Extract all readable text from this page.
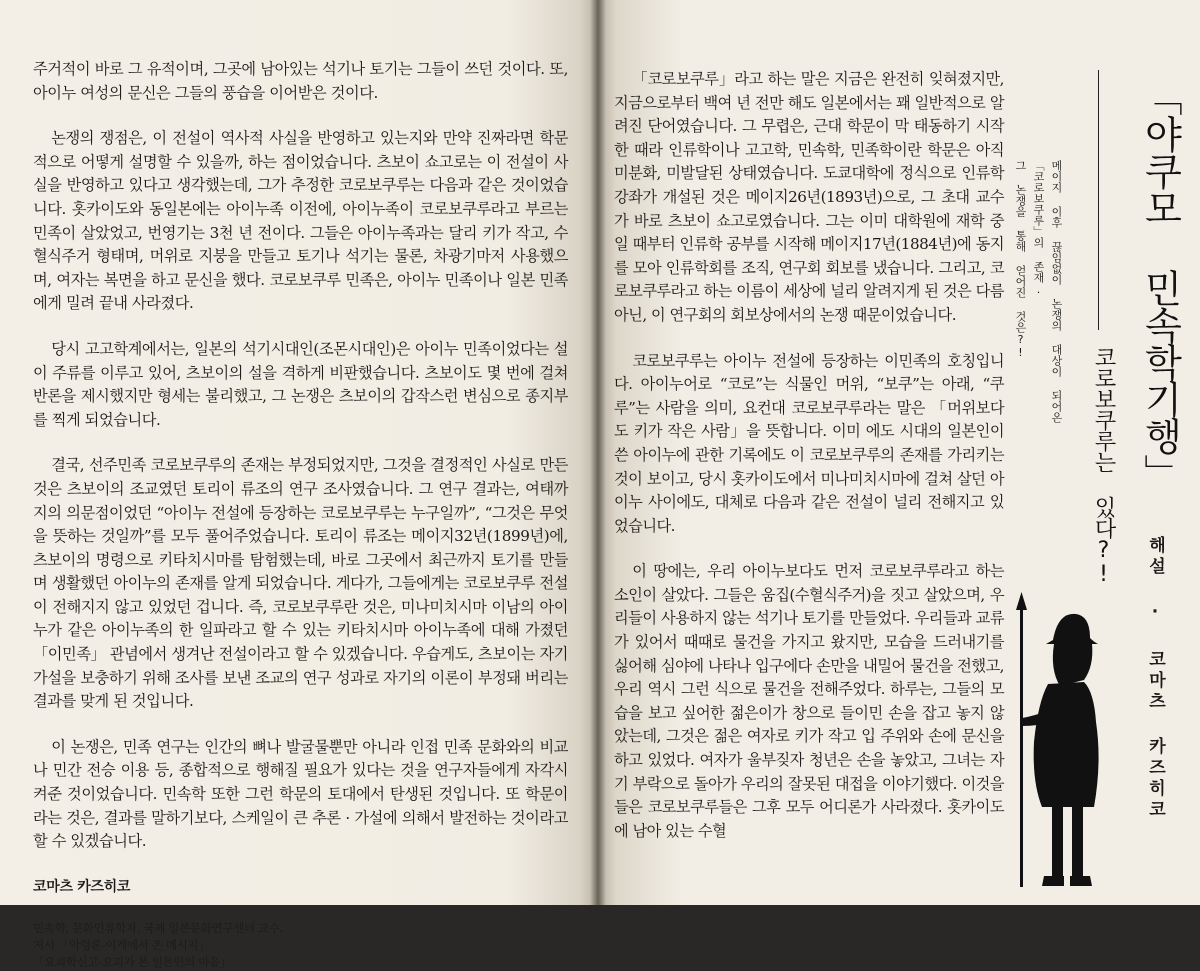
주거적이 바로 그 유적이며, 그곳에 남아있는 석기나 토기는 그들이 쓰던 것이다. 또, 아이누 여성의 문신은 그들의 풍습을 이어받은 것이다.

논쟁의 쟁점은, 이 전설이 역사적 사실을 반영하고 있는지와 만약 진짜라면 학문적으로 어떻게 설명할 수 있을까, 하는 점이었습니다. 츠보이 쇼고로는 이 전설이 사실을 반영하고 있다고 생각했는데, 그가 추정한 코로보쿠루는 다음과 같은 것이었습니다. 홋카이도와 동일본에는 아이누족 이전에, 아이누족이 코로보쿠루라고 부르는 민족이 살았었고, 번영기는 3천 년 전이다. 그들은 아이누족과는 달리 키가 작고, 수혈식주거 형태며, 머위로 지붕을 만들고 토기나 석기는 물론, 차광기마저 사용했으며, 여자는 복면을 하고 문신을 했다. 코로보쿠루 민족은, 아이누 민족이나 일본 민족에게 밀려 끝내 사라졌다.

당시 고고학계에서는, 일본의 석기시대인(조몬시대인)은 아이누 민족이었다는 설이 주류를 이루고 있어, 츠보이의 설을 격하게 비판했습니다. 츠보이도 몇 번에 걸쳐 반론을 제시했지만 형세는 불리했고, 그 논쟁은 츠보이의 갑작스런 변심으로 종지부를 찍게 되었습니다.

결국, 선주민족 코로보쿠루의 존재는 부정되었지만, 그것을 결정적인 사실로 만든 것은 츠보이의 조교였던 토리이 류조의 연구 조사였습니다. 그 연구 결과는, 여태까지의 의문점이었던 “아이누 전설에 등장하는 코로보쿠루는 누구일까”, “그것은 무엇을 뜻하는 것일까”를 모두 풀어주었습니다. 토리이 류조는 메이지32년(1899년)에, 츠보이의 명령으로 키타치시마를 탐험했는데, 바로 그곳에서 최근까지 토기를 만들며 생활했던 아이누의 존재를 알게 되었습니다. 게다가, 그들에게는 코로보쿠루 전설이 전해지지 않고 있었던 겁니다. 즉, 코로보쿠루란 것은, 미나미치시마 이남의 아이누가 같은 아이누족의 한 일파라고 할 수 있는 키타치시마 아이누족에 대해 가졌던 「이민족」 관념에서 생겨난 전설이라고 할 수 있겠습니다. 우습게도, 츠보이는 자기 가설을 보충하기 위해 조사를 보낸 조교의 연구 성과로 자기의 이론이 부정돼 버리는 결과를 맞게 된 것입니다.

이 논쟁은, 민족 연구는 인간의 뼈나 발굴물뿐만 아니라 인접 민족 문화와의 비교나 민간 전승 이용 등, 종합적으로 행해질 필요가 있다는 것을 연구자들에게 자각시켜준 것이었습니다. 민속학 또한 그런 학문의 토대에서 탄생된 것입니다. 또 학문이라는 것은, 결과를 말하기보다, 스케일이 큰 추론 · 가설에 의해서 발전하는 것이라고 할 수 있겠습니다.

코마츠 카즈히코

민속학, 문화인류학자. 국제 일본문화연구센터 교수.

저서 「악령론-이계에서 온 메시지」

「요괴학신고-요괴가 본 일본인의 마음」

「코로보쿠루」라고 하는 말은 지금은 완전히 잊혀졌지만, 지금으로부터 백여 년 전만 해도 일본에서는 꽤 일반적으로 알려진 단어였습니다. 그 무렵은, 근대 학문이 막 태동하기 시작한 때라 인류학이나 고고학, 민속학, 민족학이란 학문은 아직 미분화, 미발달된 상태였습니다. 도쿄대학에 정식으로 인류학 강좌가 개설된 것은 메이지26년(1893년)으로, 그 초대 교수가 바로 츠보이 쇼고로였습니다. 그는 이미 대학원에 재학 중일 때부터 인류학 공부를 시작해 메이지17년(1884년)에 동지를 모아 인류학회를 조직, 연구회 회보를 냈습니다. 그리고, 코로보쿠루라고 하는 이름이 세상에 널리 알려지게 된 것은 다름 아닌, 이 연구회의 회보상에서의 논쟁 때문이었습니다.

코로보쿠루는 아이누 전설에 등장하는 이민족의 호칭입니다. 아이누어로 “코로”는 식물인 머위, “보쿠”는 아래, “쿠루”는 사람을 의미, 요컨대 코로보쿠루라는 말은 「머위보다도 키가 작은 사람」을 뜻합니다. 이미 에도 시대의 일본인이 쓴 아이누에 관한 기록에도 이 코로보쿠루의 존재를 가리키는 것이 보이고, 당시 홋카이도에서 미나미치시마에 걸쳐 살던 아이누 사이에도, 대체로 다음과 같은 전설이 널리 전해지고 있었습니다.

이 땅에는, 우리 아이누보다도 먼저 코로보쿠루라고 하는 소인이 살았다. 그들은 움집(수혈식주거)을 짓고 살았으며, 우리들이 사용하지 않는 석기나 토기를 만들었다. 우리들과 교류가 있어서 때때로 물건을 가지고 왔지만, 모습을 드러내기를 싫어해 심야에 나타나 입구에다 손만을 내밀어 물건을 전했고, 우리 역시 그런 식으로 물건을 전해주었다. 하루는, 그들의 모습을 보고 싶어한 젊은이가 창으로 들이민 손을 잡고 놓지 않았는데, 그것은 젊은 여자로 키가 작고 입 주위와 손에 문신을 하고 있었다. 여자가 울부짖자 청년은 손을 놓았고, 그녀는 자기 부락으로 돌아가 우리의 잘못된 대접을 이야기했다. 이것을 들은 코로보쿠루들은 그후 모두 어디론가 사라졌다. 홋카이도에 남아 있는 수혈

「야쿠모 민속학기행」
코로보쿠루는 있다?!
메이지 이후 끊임없이 논쟁의 대상이 되어온
「코로보쿠루」의 존재.
그 논쟁을 통해 얻어진 것은?!
해설 · 코마츠 카즈히코
